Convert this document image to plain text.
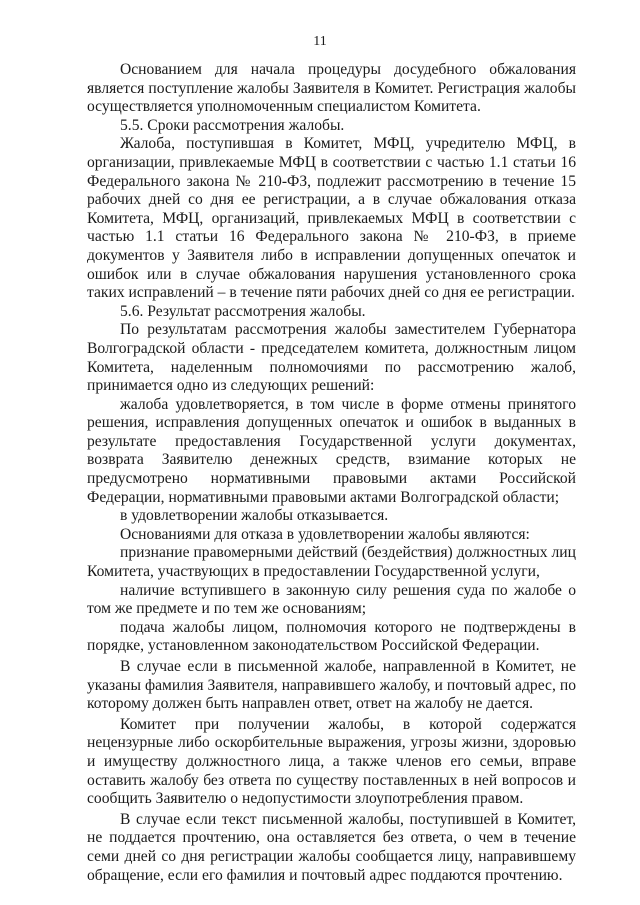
11

Основанием для начала процедуры досудебного обжалования является поступление жалобы Заявителя в Комитет. Регистрация жалобы осуществляется уполномоченным специалистом Комитета.

5.5. Сроки рассмотрения жалобы.

Жалоба, поступившая в Комитет, МФЦ, учредителю МФЦ, в организации, привлекаемые МФЦ в соответствии с частью 1.1 статьи 16 Федерального закона № 210-ФЗ, подлежит рассмотрению в течение 15 рабочих дней со дня ее регистрации, а в случае обжалования отказа Комитета, МФЦ, организаций, привлекаемых МФЦ в соответствии с частью 1.1 статьи 16 Федерального закона № 210-ФЗ, в приеме документов у Заявителя либо в исправлении допущенных опечаток и ошибок или в случае обжалования нарушения установленного срока таких исправлений – в течение пяти рабочих дней со дня ее регистрации.

5.6. Результат рассмотрения жалобы.

По результатам рассмотрения жалобы заместителем Губернатора Волгоградской области - председателем комитета, должностным лицом Комитета, наделенным полномочиями по рассмотрению жалоб, принимается одно из следующих решений:

жалоба удовлетворяется, в том числе в форме отмены принятого решения, исправления допущенных опечаток и ошибок в выданных в результате предоставления Государственной услуги документах, возврата Заявителю денежных средств, взимание которых не предусмотрено нормативными правовыми актами Российской Федерации, нормативными правовыми актами Волгоградской области;

в удовлетворении жалобы отказывается.

Основаниями для отказа в удовлетворении жалобы являются:

признание правомерными действий (бездействия) должностных лиц Комитета, участвующих в предоставлении Государственной услуги,

наличие вступившего в законную силу решения суда по жалобе о том же предмете и по тем же основаниям;

подача жалобы лицом, полномочия которого не подтверждены в порядке, установленном законодательством Российской Федерации.

В случае если в письменной жалобе, направленной в Комитет, не указаны фамилия Заявителя, направившего жалобу, и почтовый адрес, по которому должен быть направлен ответ, ответ на жалобу не дается.

Комитет при получении жалобы, в которой содержатся нецензурные либо оскорбительные выражения, угрозы жизни, здоровью и имуществу должностного лица, а также членов его семьи, вправе оставить жалобу без ответа по существу поставленных в ней вопросов и сообщить Заявителю о недопустимости злоупотребления правом.

В случае если текст письменной жалобы, поступившей в Комитет, не поддается прочтению, она оставляется без ответа, о чем в течение семи дней со дня регистрации жалобы сообщается лицу, направившему обращение, если его фамилия и почтовый адрес поддаются прочтению.
